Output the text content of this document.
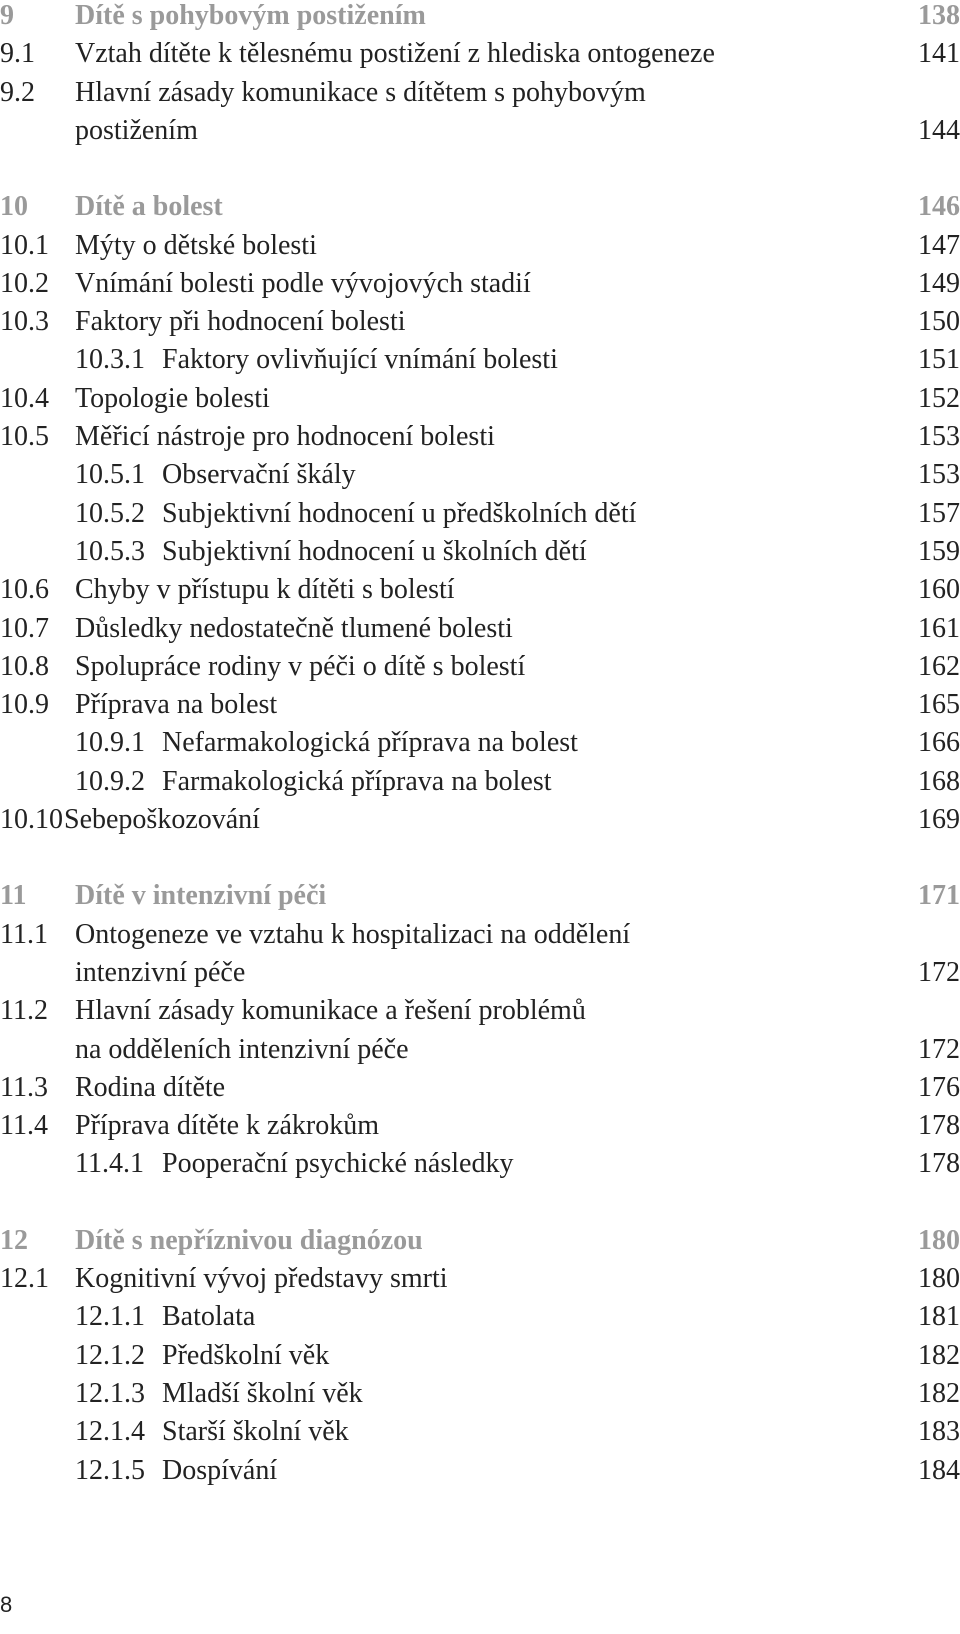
9 Dítě s pohybovým postižením	138
9.1 Vztah dítěte k tělesnému postižení z hlediska ontogeneze	141
9.2 Hlavní zásady komunikace s dítětem s pohybovým
postižením	144
10 Dítě a bolest	146
10.1 Mýty o dětské bolesti	147
10.2 Vnímání bolesti podle vývojových stadií	149
10.3 Faktory při hodnocení bolesti	150
10.3.1 Faktory ovlivňující vnímání bolesti	151
10.4 Topologie bolesti	152
10.5 Měřicí nástroje pro hodnocení bolesti	153
10.5.1 Observační škály	153
10.5.2 Subjektivní hodnocení u předškolních dětí	157
10.5.3 Subjektivní hodnocení u školních dětí	159
10.6 Chyby v přístupu k dítěti s bolestí	160
10.7 Důsledky nedostatečně tlumené bolesti	161
10.8 Spolupráce rodiny v péči o dítě s bolestí	162
10.9 Příprava na bolest	165
10.9.1 Nefarmakologická příprava na bolest	166
10.9.2 Farmakologická příprava na bolest	168
10.10 Sebepoškozování	169
11 Dítě v intenzivní péči	171
11.1 Ontogeneze ve vztahu k hospitalizaci na oddělení
intenzivní péče	172
11.2 Hlavní zásady komunikace a řešení problémů
na odděleních intenzivní péče	172
11.3 Rodina dítěte	176
11.4 Příprava dítěte k zákrokům	178
11.4.1 Pooperační psychické následky	178
12 Dítě s nepříznivou diagnózou	180
12.1 Kognitivní vývoj představy smrti	180
12.1.1 Batolata	181
12.1.2 Předškolní věk	182
12.1.3 Mladší školní věk	182
12.1.4 Starší školní věk	183
12.1.5 Dospívání	184
8
